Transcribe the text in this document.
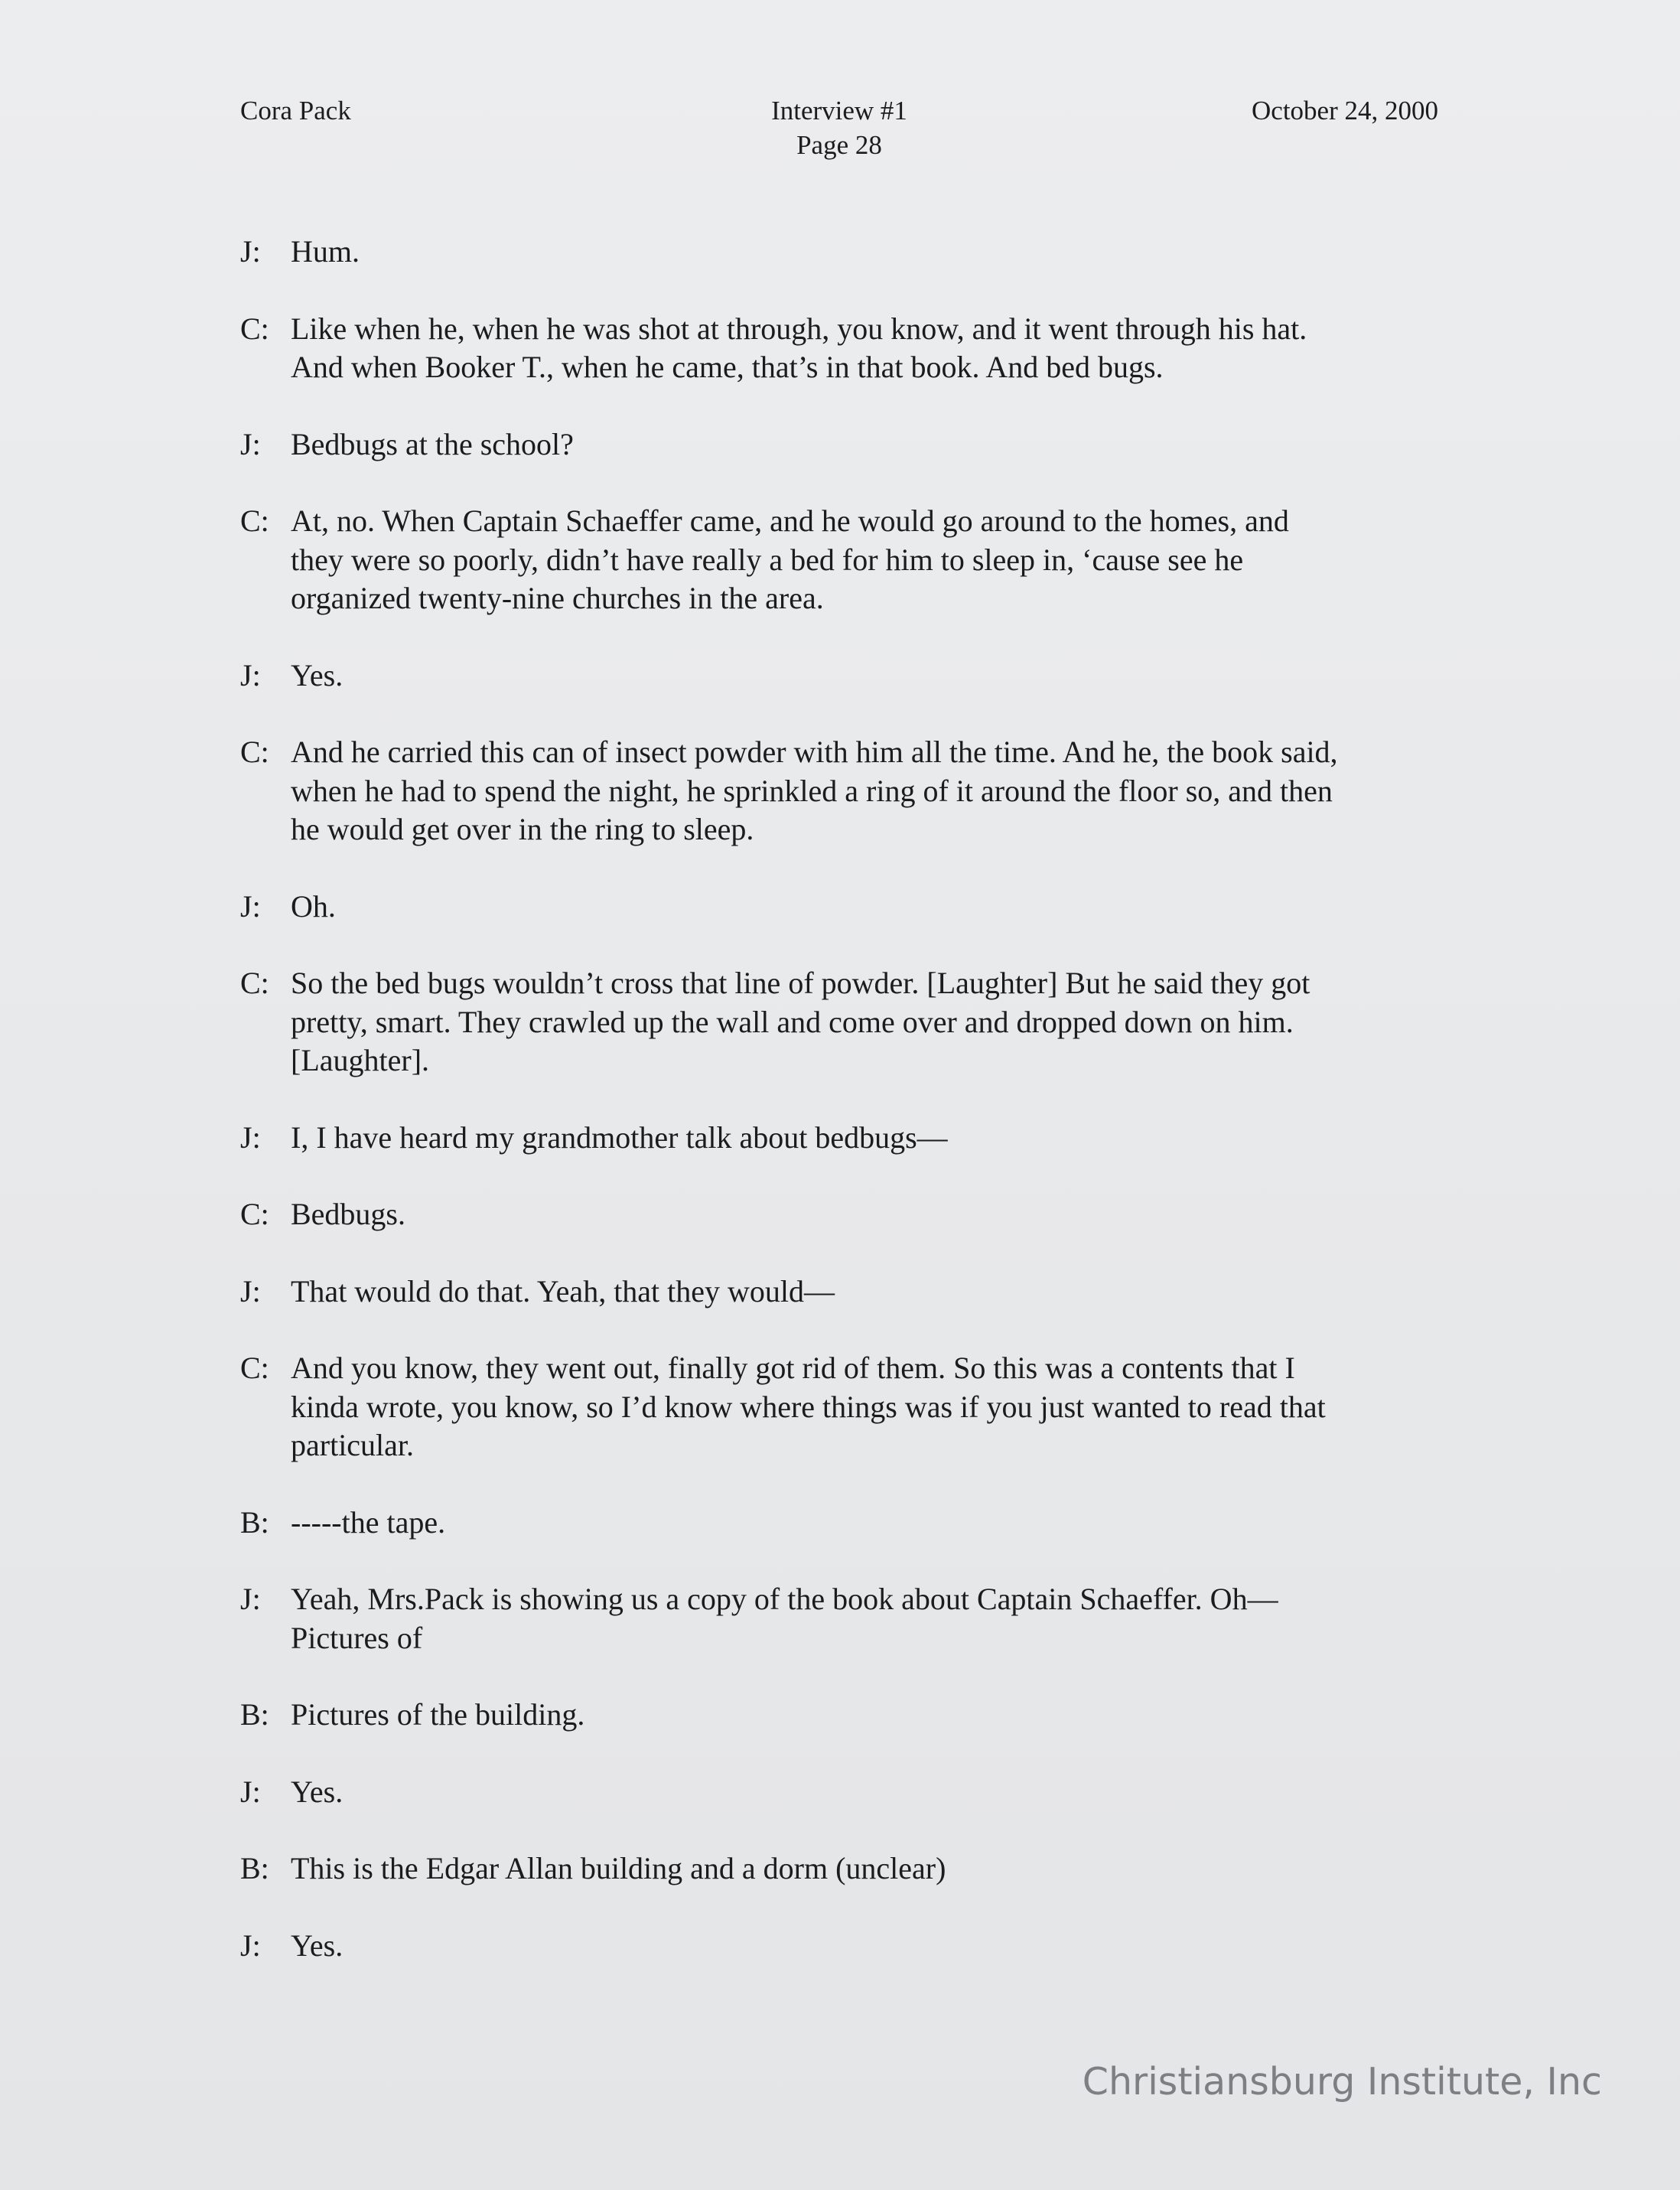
Cora Pack	Interview #1
Page 28
October 24, 2000
J: Hum.
C: Like when he, when he was shot at through, you know, and it went through his hat.
And when Booker T., when he came, that’s in that book. And bed bugs.
J: Bedbugs at the school?
C: At, no. When Captain Schaeffer came, and he would go around to the homes, and
they were so poorly, didn’t have really a bed for him to sleep in, ‘cause see he
organized twenty-nine churches in the area.
J: Yes.
C: And he carried this can of insect powder with him all the time. And he, the book said,
when he had to spend the night, he sprinkled a ring of it around the floor so, and then
he would get over in the ring to sleep.
J: Oh.
C: So the bed bugs wouldn’t cross that line of powder. [Laughter] But he said they got
pretty, smart. They crawled up the wall and come over and dropped down on him.
[Laughter].
J: I, I have heard my grandmother talk about bedbugs—
C: Bedbugs.
J: That would do that. Yeah, that they would—
C: And you know, they went out, finally got rid of them. So this was a contents that I
kinda wrote, you know, so I’d know where things was if you just wanted to read that
particular.
B: -----the tape.
J: Yeah, Mrs.Pack is showing us a copy of the book about Captain Schaeffer. Oh—
Pictures of
B: Pictures of the building.
J: Yes.
B: This is the Edgar Allan building and a dorm (unclear)
J: Yes.
Christiansburg Institute, Inc
